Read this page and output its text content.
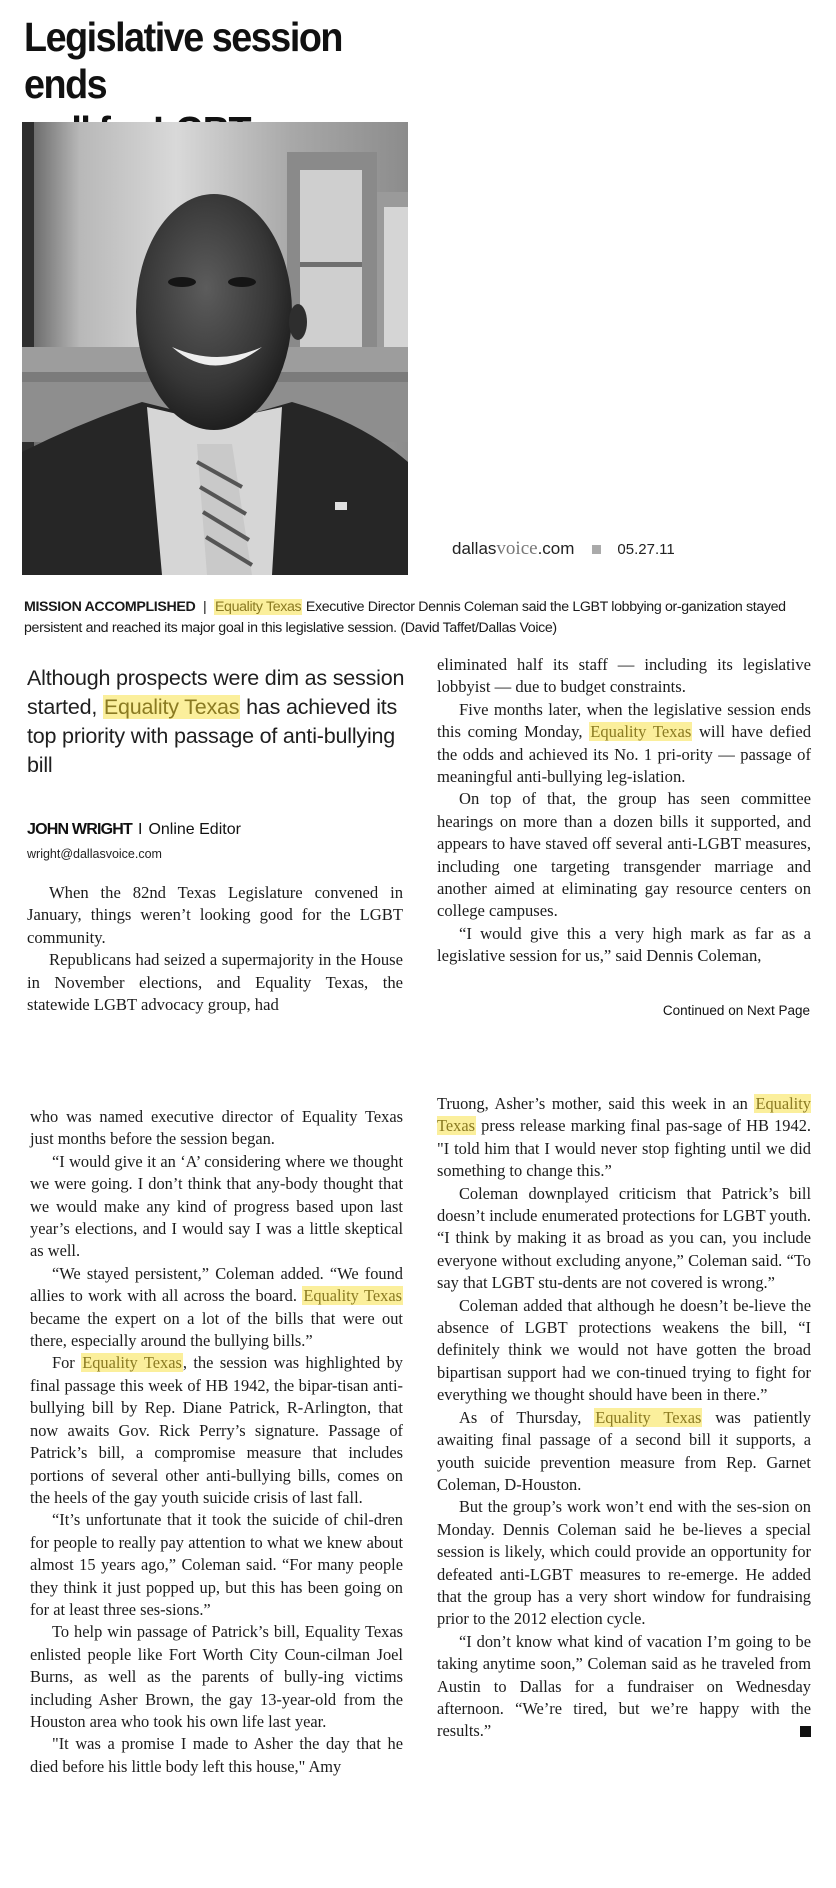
Legislative session ends

dallasvoice.com	05.27.11
MISSION ACCOMPLISHED | Equality Texas Executive Director Dennis Coleman said the LGBT lobbying or-ganization stayed persistent and reached its major goal in this legislative session. (David Taffet/Dallas Voice)
Although prospects were dim as session started, Equality Texas has achieved its top priority with passage of anti-bullying bill
JOHN WRIGHT I Online Editor
wright@dallasvoice.com

When the 82nd Texas Legislature convened in January, things weren’t looking good for the LGBT community.

Republicans had seized a supermajority in the House in November elections, and Equality Texas, the statewide LGBT advocacy group, had

eliminated half its staff — including its legislative lobbyist — due to budget constraints.

Five months later, when the legislative session ends this coming Monday, Equality Texas will have defied the odds and achieved its No. 1 pri-ority — passage of meaningful anti-bullying leg-islation.

On top of that, the group has seen committee hearings on more than a dozen bills it supported, and appears to have staved off several anti-LGBT measures, including one targeting transgender marriage and another aimed at eliminating gay resource centers on college campuses.

“I would give this a very high mark as far as a legislative session for us,” said Dennis Coleman,

Continued on Next Page

who was named executive director of Equality Texas just months before the session began.

“I would give it an ‘A’ considering where we thought we were going. I don’t think that any-body thought that we would make any kind of progress based upon last year’s elections, and I would say I was a little skeptical as well.

“We stayed persistent,” Coleman added. “We found allies to work with all across the board. Equality Texas became the expert on a lot of the bills that were out there, especially around the bullying bills.”

For Equality Texas, the session was highlighted by final passage this week of HB 1942, the bipar-tisan anti-bullying bill by Rep. Diane Patrick, R-Arlington, that now awaits Gov. Rick Perry’s signature. Passage of Patrick’s bill, a compromise measure that includes portions of several other anti-bullying bills, comes on the heels of the gay youth suicide crisis of last fall.

“It’s unfortunate that it took the suicide of chil-dren for people to really pay attention to what we knew about almost 15 years ago,” Coleman said. “For many people they think it just popped up, but this has been going on for at least three ses-sions.”

To help win passage of Patrick’s bill, Equality Texas enlisted people like Fort Worth City Coun-cilman Joel Burns, as well as the parents of bully-ing victims including Asher Brown, the gay 13-year-old from the Houston area who took his own life last year.

"It was a promise I made to Asher the day that he died before his little body left this house," Amy

Truong, Asher’s mother, said this week in an Equality Texas press release marking final pas-sage of HB 1942. "I told him that I would never stop fighting until we did something to change this.”

Coleman downplayed criticism that Patrick’s bill doesn’t include enumerated protections for LGBT youth. “I think by making it as broad as you can, you include everyone without excluding anyone,” Coleman said. “To say that LGBT stu-dents are not covered is wrong.”

Coleman added that although he doesn’t be-lieve the absence of LGBT protections weakens the bill, “I definitely think we would not have gotten the broad bipartisan support had we con-tinued trying to fight for everything we thought should have been in there.”

As of Thursday, Equality Texas was patiently awaiting final passage of a second bill it supports, a youth suicide prevention measure from Rep. Garnet Coleman, D-Houston.

But the group’s work won’t end with the ses-sion on Monday. Dennis Coleman said he be-lieves a special session is likely, which could provide an opportunity for defeated anti-LGBT measures to re-emerge. He added that the group has a very short window for fundraising prior to the 2012 election cycle.

“I don’t know what kind of vacation I’m going to be taking anytime soon,” Coleman said as he traveled from Austin to Dallas for a fundraiser on Wednesday afternoon. “We’re tired, but we’re happy with the results.”
